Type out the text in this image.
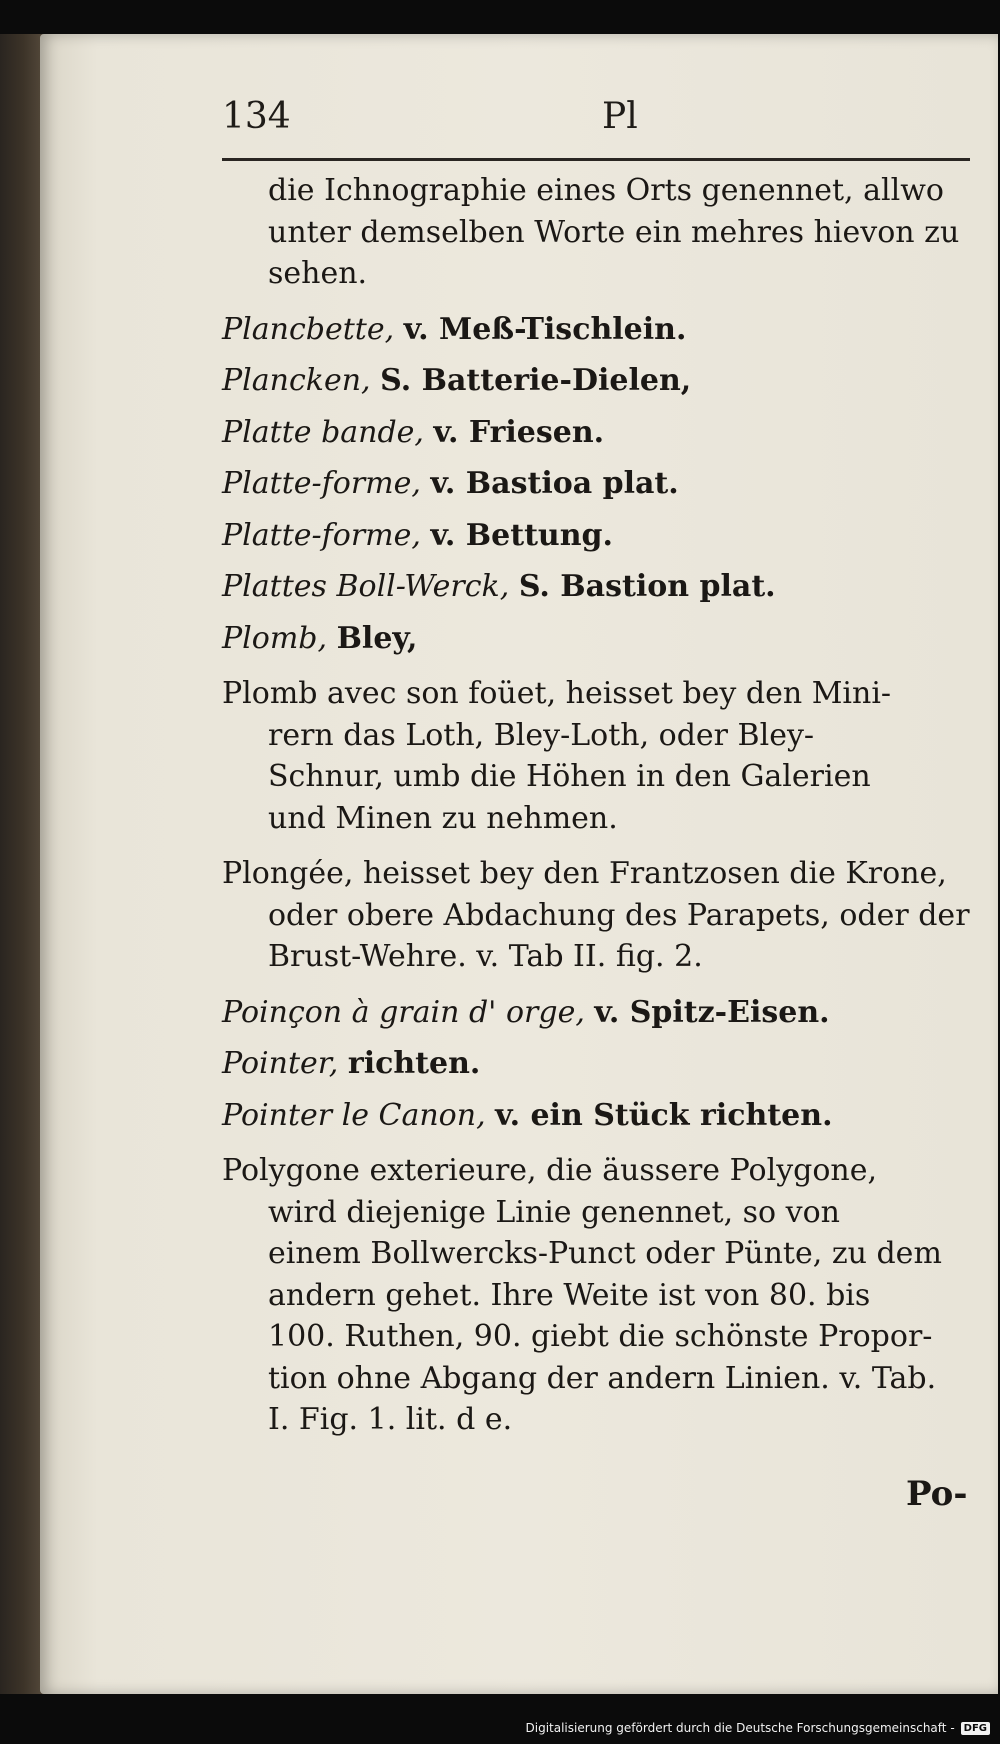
134	Pl
die Ichnographie eines Orts genennet, allwo
unter demselben Worte ein mehres hievon zu
sehen.
Plancbette, v. Meß-Tischlein.
Plancken, S. Batterie-Dielen,
Platte bande, v. Friesen.
Platte-forme, v. Bastioa plat.
Platte-forme, v. Bettung.
Plattes Boll-Werck, S. Bastion plat.
Plomb, Bley,
Plomb avec son foüet, heisset bey den Mini-
rern das Loth, Bley-Loth, oder Bley-
Schnur, umb die Höhen in den Galerien
und Minen zu nehmen.
Plongée, heisset bey den Frantzosen die Krone,
oder obere Abdachung des Parapets, oder der
Brust-Wehre. v. Tab II. fig. 2.
Poinçon à grain d' orge, v. Spitz-Eisen.
Pointer, richten.
Pointer le Canon, v. ein Stück richten.
Polygone exterieure, die äussere Polygone,
wird diejenige Linie genennet, so von
einem Bollwercks-Punct oder Pünte, zu dem
andern gehet. Ihre Weite ist von 80. bis
100. Ruthen, 90. giebt die schönste Propor-
tion ohne Abgang der andern Linien. v. Tab.
I. Fig. 1. lit. d e.
Po-
Digitalisierung gefördert durch die Deutsche Forschungsgemeinschaft - DFG
